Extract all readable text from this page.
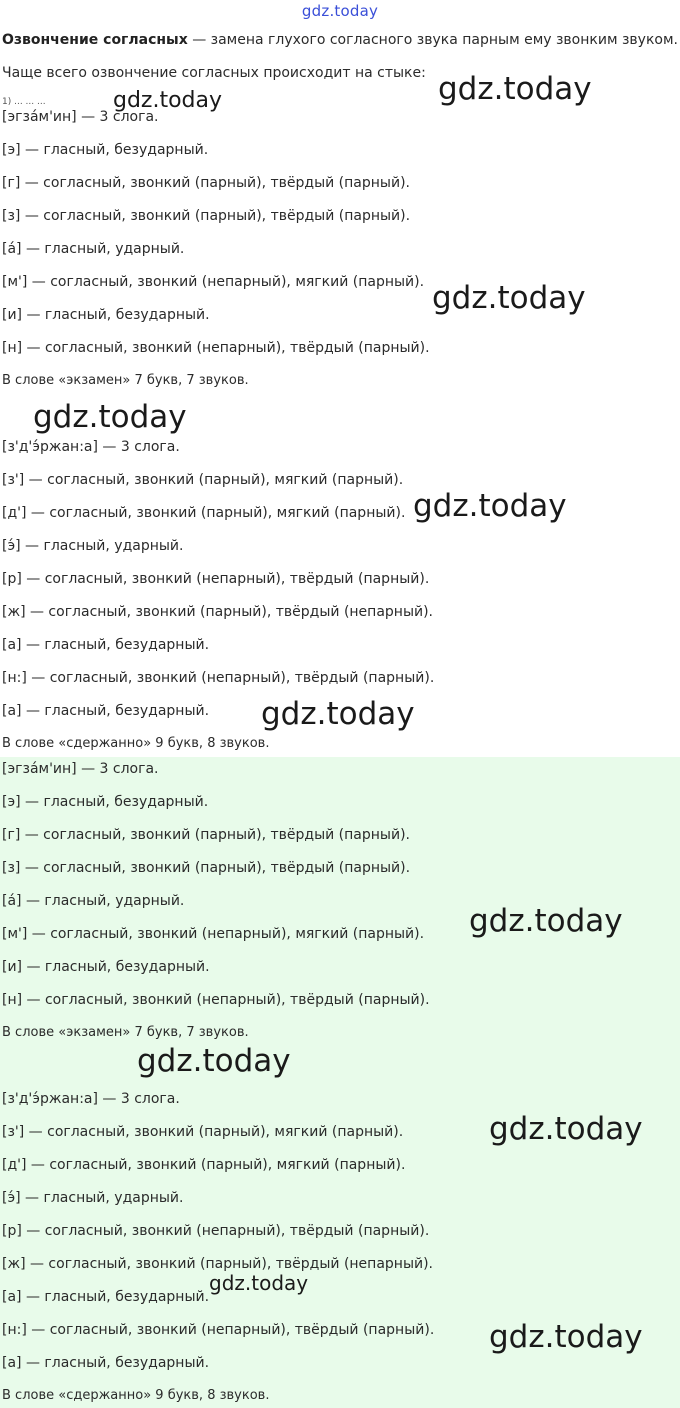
gdz.today
Озвончение согласных — замена глухого согласного звука парным ему звонким звуком.
Чаще всего озвончение согласных происходит на стыке:
1) ... ... ...
[эгза́м'ин] — 3 слога.
[э] — гласный, безударный.
[г] — согласный, звонкий (парный), твёрдый (парный).
[з] — согласный, звонкий (парный), твёрдый (парный).
[а́] — гласный, ударный.
[м'] — согласный, звонкий (непарный), мягкий (парный).
[и] — гласный, безударный.
[н] — согласный, звонкий (непарный), твёрдый (парный).
В слове «экзамен» 7 букв, 7 звуков.
[з'д'э́ржан:а] — 3 слога.
[з'] — согласный, звонкий (парный), мягкий (парный).
[д'] — согласный, звонкий (парный), мягкий (парный).
[э́] — гласный, ударный.
[р] — согласный, звонкий (непарный), твёрдый (парный).
[ж] — согласный, звонкий (парный), твёрдый (непарный).
[а] — гласный, безударный.
[н:] — согласный, звонкий (непарный), твёрдый (парный).
[а] — гласный, безударный.
В слове «сдержанно» 9 букв, 8 звуков.
[эгза́м'ин] — 3 слога.
[э] — гласный, безударный.
[г] — согласный, звонкий (парный), твёрдый (парный).
[з] — согласный, звонкий (парный), твёрдый (парный).
[а́] — гласный, ударный.
[м'] — согласный, звонкий (непарный), мягкий (парный).
[и] — гласный, безударный.
[н] — согласный, звонкий (непарный), твёрдый (парный).
В слове «экзамен» 7 букв, 7 звуков.
[з'д'э́ржан:а] — 3 слога.
[з'] — согласный, звонкий (парный), мягкий (парный).
[д'] — согласный, звонкий (парный), мягкий (парный).
[э́] — гласный, ударный.
[р] — согласный, звонкий (непарный), твёрдый (парный).
[ж] — согласный, звонкий (парный), твёрдый (непарный).
[а] — гласный, безударный.
[н:] — согласный, звонкий (непарный), твёрдый (парный).
[а] — гласный, безударный.
В слове «сдержанно» 9 букв, 8 звуков.
gdz.today	gdz.today
gdz.today
gdz.today
gdz.today
gdz.today
gdz.today
gdz.today
gdz.today
gdz.today
gdz.today
